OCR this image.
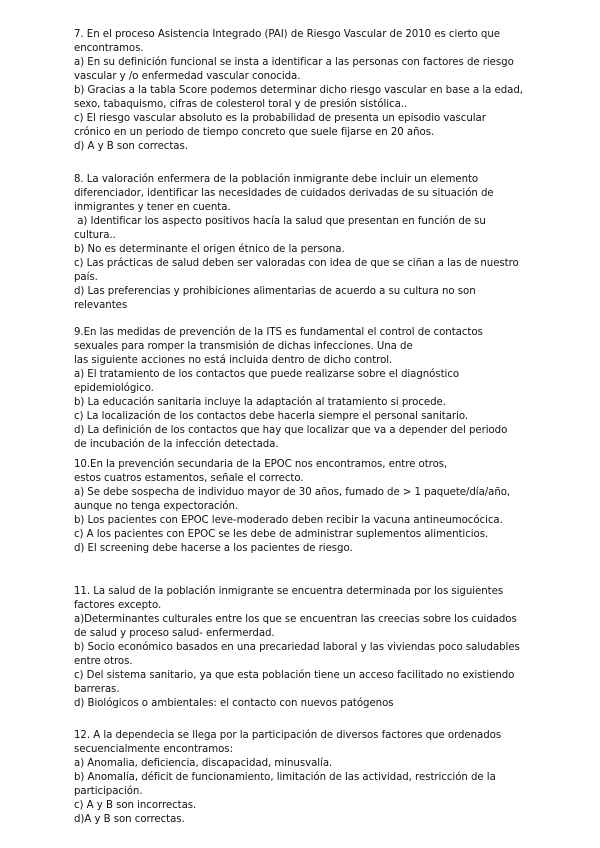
7. En el proceso Asistencia Integrado (PAI) de Riesgo Vascular de 2010 es cierto que
encontramos.
a) En su definición funcional se insta a identificar a las personas con factores de riesgo
vascular y /o enfermedad vascular conocida.
b) Gracias a la tabla Score podemos determinar dicho riesgo vascular en base a la edad,
sexo, tabaquismo, cifras de colesterol toral y de presión sistólica..
c) El riesgo vascular absoluto es la probabilidad de presenta un episodio vascular
crónico en un periodo de tiempo concreto que suele fijarse en 20 años.
d) A y B son correctas.
8. La valoración enfermera de la población inmigrante debe incluir un elemento
diferenciador, identificar las necesidades de cuidados derivadas de su situación de
inmigrantes y tener en cuenta.
a) Identificar los aspecto positivos hacía la salud que presentan en función de su
cultura..
b) No es determinante el origen étnico de la persona.
c) Las prácticas de salud deben ser valoradas con idea de que se ciñan a las de nuestro
país.
d) Las preferencias y prohibiciones alimentarias de acuerdo a su cultura no son
relevantes
9.En las medidas de prevención de la ITS es fundamental el control de contactos
sexuales para romper la transmisión de dichas infecciones. Una de
las siguiente acciones no está incluida dentro de dicho control.
a) El tratamiento de los contactos que puede realizarse sobre el diagnóstico
epidemiológico.
b) La educación sanitaria incluye la adaptación al tratamiento si procede.
c) La localización de los contactos debe hacerla siempre el personal sanitario.
d) La definición de los contactos que hay que localizar que va a depender del periodo
de incubación de la infección detectada.
10.En la prevención secundaria de la EPOC nos encontramos, entre otros,
estos cuatros estamentos, señale el correcto.
a) Se debe sospecha de individuo mayor de 30 años, fumado de > 1 paquete/día/año,
aunque no tenga expectoración.
b) Los pacientes con EPOC leve-moderado deben recibir la vacuna antineumocócica.
c) A los pacientes con EPOC se les debe de administrar suplementos alimenticios.
d) El screening debe hacerse a los pacientes de riesgo.
11. La salud de la población inmigrante se encuentra determinada por los siguientes
factores excepto.
a)Determinantes culturales entre los que se encuentran las creecias sobre los cuidados
de salud y proceso salud- enfermerdad.
b) Socio económico basados en una precariedad laboral y las viviendas poco saludables
entre otros.
c) Del sistema sanitario, ya que esta población tiene un acceso facilitado no existiendo
barreras.
d) Biológicos o ambientales: el contacto con nuevos patógenos
12. A la dependecia se llega por la participación de diversos factores que ordenados
secuencialmente encontramos:
a) Anomalia, deficiencia, discapacidad, minusvalía.
b) Anomalía, déficit de funcionamiento, limitación de las actividad, restricción de la
participación.
c) A y B son incorrectas.
d)A y B son correctas.
